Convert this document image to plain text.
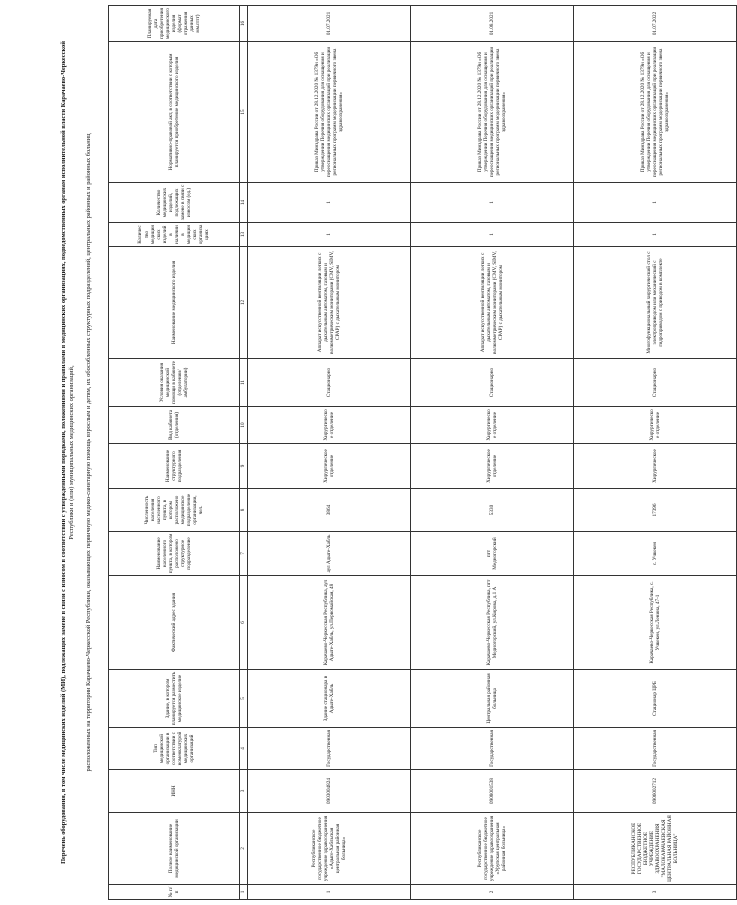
Перечень оборудования, в том числе медицинских изделий (МИ), подлежащих замене в связи с износом в соответствии с утвержденными порядками, положениями и правилами в медицинских организациях, подведомственных органам исполнительной власти Карачаево-Черкесской Республики и (или) муниципальных медицинских организаций, расположенных на территории Карачаево-Черкесской Республики, оказывающих первичную медико-санитарную помощь взрослым и детям, их обособленных структурных подразделений, центральных районных и районных больниц
№ п/п	Полное наименование медицинской организации	ИНН	Тип медицинской организации в соответствии с номенклатурой медицинских организаций	Здание, в котором планируется разместить медицинское изделие	Фактический адрес здания	Наименование населенного пункта, в котором расположено структурное подразделение	Численность населения населенного пункта, в котором расположено медицинское подразделение организации, чел.	Наименование структурного подразделения	Вид кабинета (отделения)	Условия оказания медицинской помощи в кабинете (отделении/амбулатории)	Наименование медицинского изделия	Количество медицинских изделий в наличии в медицинских организациях	Количество медицинских изделий, подлежащих замене в связи с износом (ед.)	Нормативно-правовой акт, в соответствии с которым планируется приобретение медицинского изделия	Планируемая дата приобретения медицинского изделия (формат отражения данных мм.гггг)
1	2	3	4	5	6	7	8	9	10	11	12	13	14	15	16
1	Республиканское государственное бюджетное учреждение здравоохранения «Адыге-Хабльская центральная районная больница»	0903004824	Государственная	Здание стационара в Адыге-Хабль	Карачаево-Черкесская Республика, аул Адыге-Хабль, ул.Первомайская, 48	аул Адыге-Хабль	3864	Хирургическое отделение	Хирургическое отделение	Стационарно	Аппарат искусственной вентиляции легких с дыхательным автоматом, газовым и волюмметрическим мониторами (СМV, SIMV, CPAP) с дыхательным монитором	1	1	Приказ Минздрава России от 28.12.2020 № 1379н «Об утверждении Перечня оборудования для оснащения и переоснащения медицинских организаций при реализации региональных программ модернизации первичного звена здравоохранения»	01.07.2021
2	Республиканское государственное бюджетное учреждение здравоохранения «Урупская центральная районная больница»	0908001538	Государственная	Центральная районная больница	Карачаево-Черкесская Республика, пгт Медногорский, ул.Кирова, д.1 А	пгт Медногорский	5330	Хирургическое отделение	Хирургическое отделение	Стационарно	Аппарат искусственной вентиляции легких с дыхательным автоматом, газовым и волюмметрическим мониторами (СМV, SIMV, CPAP) с дыхательным монитором	1	1	Приказ Минздрава России от 28.12.2020 № 1379н «Об утверждении Перечня оборудования для оснащения и переоснащения медицинских организаций при реализации региональных программ модернизации первичного звена здравоохранения»	01.08.2021
3	РЕСПУБЛИКАНСКОЕ ГОСУДАРСТВЕННОЕ БЮДЖЕТНОЕ УЧРЕЖДЕНИЕ ЗДРАВООХРАНЕНИЯ "МАЛОКАРАЧАЕВСКАЯ ЦЕНТРАЛЬНАЯ РАЙОННАЯ БОЛЬНИЦА"	0906002712	Государственная	Стационар ЦРБ	Карачаево-Черкесская Республика, с. Учкекен, ул.Ленина, 47-1	с. Учкекен	17396	Хирургическое	Хирургическое отделение	Стационарно	Многофункциональный хирургический стол с электроприводом или механический с гидроприводом с приводом в комплекте	1	1	Приказ Минздрава России от 28.12.2020 № 1379н «Об утверждении Перечня оборудования для оснащения и переоснащения медицинских организаций при реализации региональных программ модернизации первичного звена здравоохранения»	01.07.2022
